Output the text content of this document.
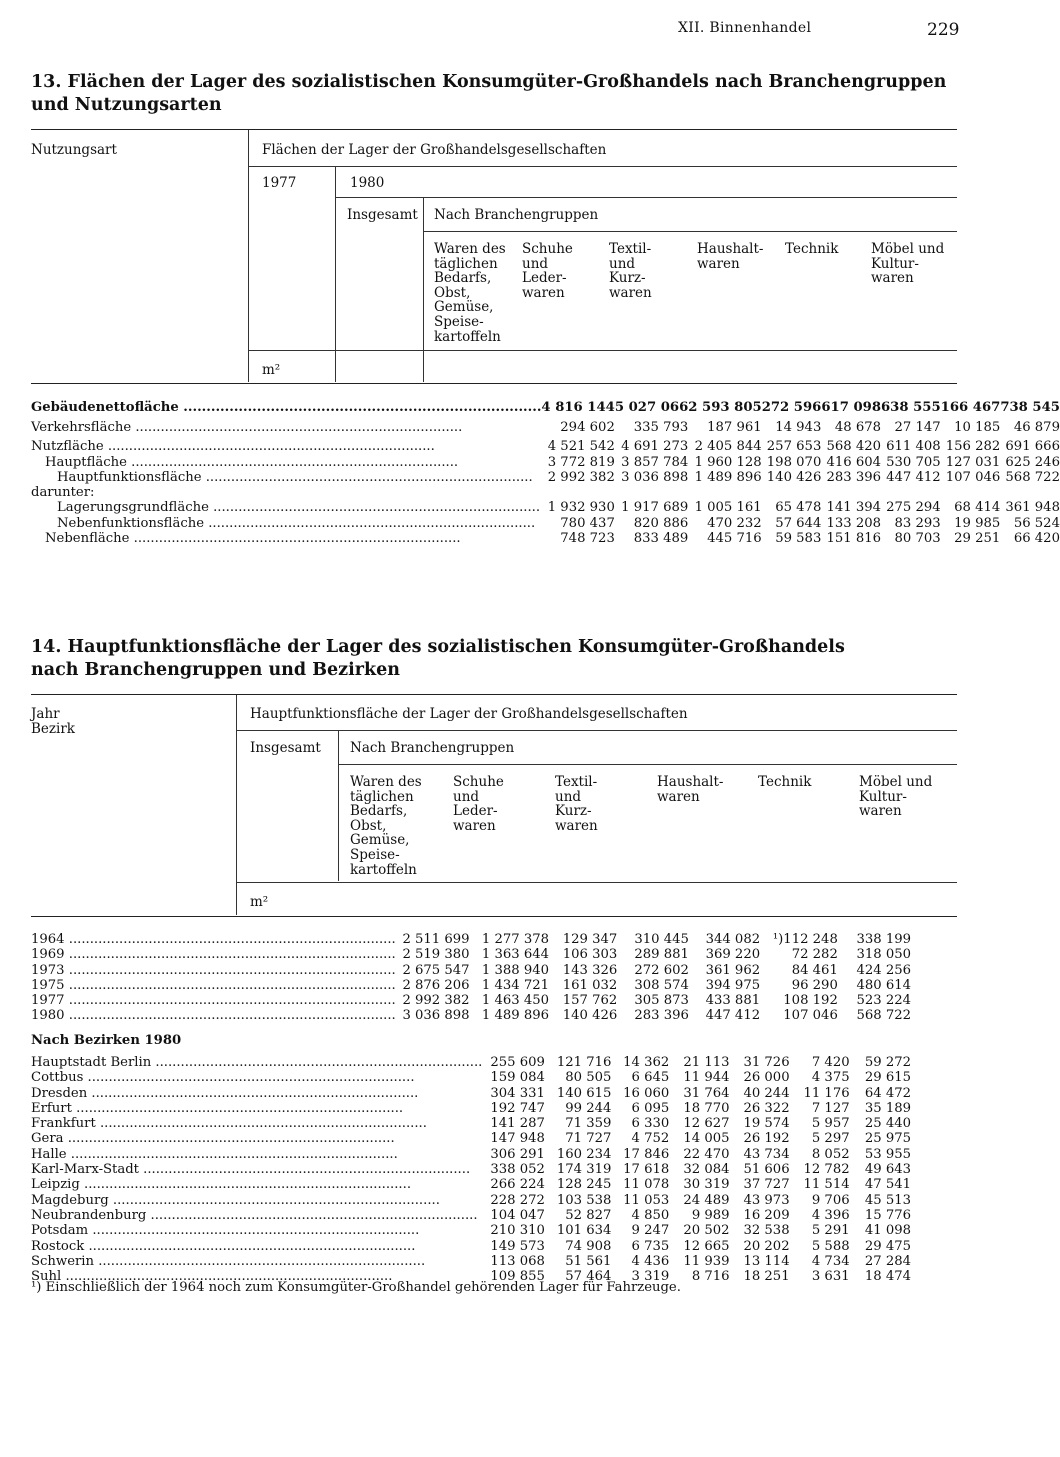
XII. Binnenhandel	229
13. Flächen der Lager des sozialistischen Konsumgüter-Großhandels nach Branchengruppen
und Nutzungsarten
Nutzungsart	Flächen der Lager der Großhandelsgesellschaften
1977	1980
Insgesamt Nach Branchengruppen
Waren des
täglichen
Bedarfs,
Obst,
Gemüse,
Speise-
kartoffeln
Schuhe
und
Leder-
waren
Textil-
und
Kurz-
waren
Haushalt-
waren
Technik Möbel und
Kultur-
waren
m²
Gebäudenettofläche ..............................................................................	4 816 144	5 027 066	2 593 805	272 596	617 098	638 555	166 467	738 545	
Verkehrsfläche ..............................................................................	294 602	335 793	187 961	14 943	48 678	27 147	10 185	46 879	
Nutzfläche ..............................................................................	4 521 542	4 691 273	2 405 844	257 653	568 420	611 408	156 282	691 666	
Hauptfläche ..............................................................................	3 772 819	3 857 784	1 960 128	198 070	416 604	530 705	127 031	625 246	
Hauptfunktionsfläche ..............................................................................	2 992 382	3 036 898	1 489 896	140 426	283 396	447 412	107 046	568 722	
darunter:									
Lagerungsgrundfläche ..............................................................................	1 932 930	1 917 689	1 005 161	65 478	141 394	275 294	68 414	361 948	
Nebenfunktionsfläche ..............................................................................	780 437	820 886	470 232	57 644	133 208	83 293	19 985	56 524	
Nebenfläche ..............................................................................	748 723	833 489	445 716	59 583	151 816	80 703	29 251	66 420	
14. Hauptfunktionsfläche der Lager des sozialistischen Konsumgüter-Großhandels
nach Branchengruppen und Bezirken
Jahr
Bezirk
Hauptfunktionsfläche der Lager der Großhandelsgesellschaften
Insgesamt Nach Branchengruppen
Waren des
täglichen
Bedarfs,
Obst,
Gemüse,
Speise-
kartoffeln
Schuhe
und
Leder-
waren
Textil-
und
Kurz-
waren
Haushalt-
waren
Technik	Möbel und
Kultur-
waren
m²
1964 ..............................................................................	2 511 699	1 277 378	129 347	310 445	344 082	¹)112 248	338 199	
1969 ..............................................................................	2 519 380	1 363 644	106 303	289 881	369 220	72 282	318 050	
1973 ..............................................................................	2 675 547	1 388 940	143 326	272 602	361 962	84 461	424 256	
1975 ..............................................................................	2 876 206	1 434 721	161 032	308 574	394 975	96 290	480 614	
1977 ..............................................................................	2 992 382	1 463 450	157 762	305 873	433 881	108 192	523 224	
1980 ..............................................................................	3 036 898	1 489 896	140 426	283 396	447 412	107 046	568 722	
Nach Bezirken 1980
Hauptstadt Berlin ..............................................................................	255 609	121 716	14 362	21 113	31 726	7 420	59 272	
Cottbus ..............................................................................	159 084	80 505	6 645	11 944	26 000	4 375	29 615	
Dresden ..............................................................................	304 331	140 615	16 060	31 764	40 244	11 176	64 472	
Erfurt ..............................................................................	192 747	99 244	6 095	18 770	26 322	7 127	35 189	
Frankfurt ..............................................................................	141 287	71 359	6 330	12 627	19 574	5 957	25 440	
Gera ..............................................................................	147 948	71 727	4 752	14 005	26 192	5 297	25 975	
Halle ..............................................................................	306 291	160 234	17 846	22 470	43 734	8 052	53 955	
Karl-Marx-Stadt ..............................................................................	338 052	174 319	17 618	32 084	51 606	12 782	49 643	
Leipzig ..............................................................................	266 224	128 245	11 078	30 319	37 727	11 514	47 541	
Magdeburg ..............................................................................	228 272	103 538	11 053	24 489	43 973	9 706	45 513	
Neubrandenburg ..............................................................................	104 047	52 827	4 850	9 989	16 209	4 396	15 776	
Potsdam ..............................................................................	210 310	101 634	9 247	20 502	32 538	5 291	41 098	
Rostock ..............................................................................	149 573	74 908	6 735	12 665	20 202	5 588	29 475	
Schwerin ..............................................................................	113 068	51 561	4 436	11 939	13 114	4 734	27 284	
Suhl ..............................................................................	109 855	57 464	3 319	8 716	18 251	3 631	18 474	
¹) Einschließlich der 1964 noch zum Konsumgüter-Großhandel gehörenden Lager für Fahrzeuge.
